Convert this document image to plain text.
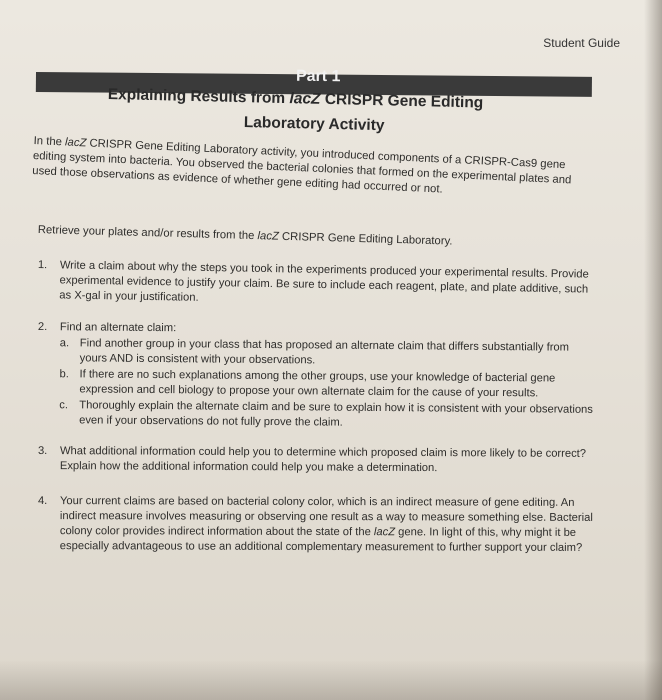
Student Guide
Part 1
Explaining Results from lacZ CRISPR Gene Editing
Laboratory Activity
In the lacZ CRISPR Gene Editing Laboratory activity, you introduced components of a CRISPR-Cas9 gene editing system into bacteria. You observed the bacterial colonies that formed on the experimental plates and used those observations as evidence of whether gene editing had occurred or not.
Retrieve your plates and/or results from the lacZ CRISPR Gene Editing Laboratory.
1. Write a claim about why the steps you took in the experiments produced your experimental results. Provide experimental evidence to justify your claim. Be sure to include each reagent, plate, and plate additive, such as X-gal in your justification.
2. Find an alternate claim:
a. Find another group in your class that has proposed an alternate claim that differs substantially from yours AND is consistent with your observations.
b. If there are no such explanations among the other groups, use your knowledge of bacterial gene expression and cell biology to propose your own alternate claim for the cause of your results.
c. Thoroughly explain the alternate claim and be sure to explain how it is consistent with your observations even if your observations do not fully prove the claim.
3. What additional information could help you to determine which proposed claim is more likely to be correct? Explain how the additional information could help you make a determination.
4. Your current claims are based on bacterial colony color, which is an indirect measure of gene editing. An indirect measure involves measuring or observing one result as a way to measure something else. Bacterial colony color provides indirect information about the state of the lacZ gene. In light of this, why might it be especially advantageous to use an additional complementary measurement to further support your claim?
